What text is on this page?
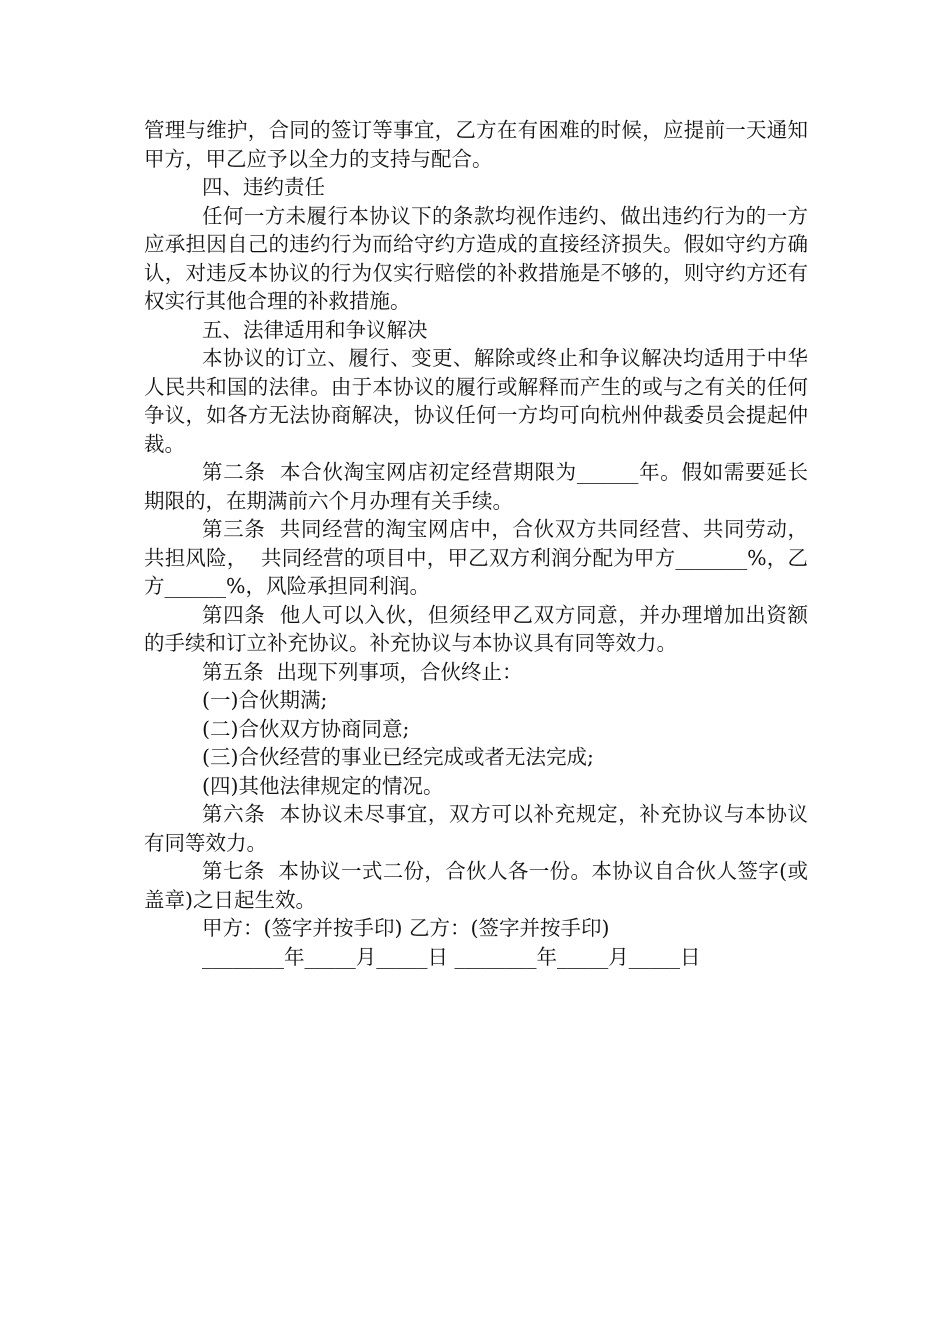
管理与维护，合同的签订等事宜，乙方在有困难的时候，应提前一天通知甲方，甲乙应予以全力的支持与配合。

四、违约责任

任何一方未履行本协议下的条款均视作违约、做出违约行为的一方应承担因自己的违约行为而给守约方造成的直接经济损失。假如守约方确认，对违反本协议的行为仅实行赔偿的补救措施是不够的，则守约方还有权实行其他合理的补救措施。

五、法律适用和争议解决

本协议的订立、履行、变更、解除或终止和争议解决均适用于中华人民共和国的法律。由于本协议的履行或解释而产生的或与之有关的任何争议，如各方无法协商解决，协议任何一方均可向杭州仲裁委员会提起仲裁。

第二条  本合伙淘宝网店初定经营期限为______年。假如需要延长期限的，在期满前六个月办理有关手续。

第三条  共同经营的淘宝网店中，合伙双方共同经营、共同劳动，共担风险，  共同经营的项目中，甲乙双方利润分配为甲方_______%，乙方______%，风险承担同利润。

第四条  他人可以入伙，但须经甲乙双方同意，并办理增加出资额的手续和订立补充协议。补充协议与本协议具有同等效力。

第五条  出现下列事项，合伙终止：

(一)合伙期满;

(二)合伙双方协商同意;

(三)合伙经营的事业已经完成或者无法完成;

(四)其他法律规定的情况。

第六条  本协议未尽事宜，双方可以补充规定，补充协议与本协议有同等效力。

第七条  本协议一式二份，合伙人各一份。本协议自合伙人签字(或盖章)之日起生效。

甲方：(签字并按手印) 乙方：(签字并按手印)

________年_____月_____日 ________年_____月_____日
